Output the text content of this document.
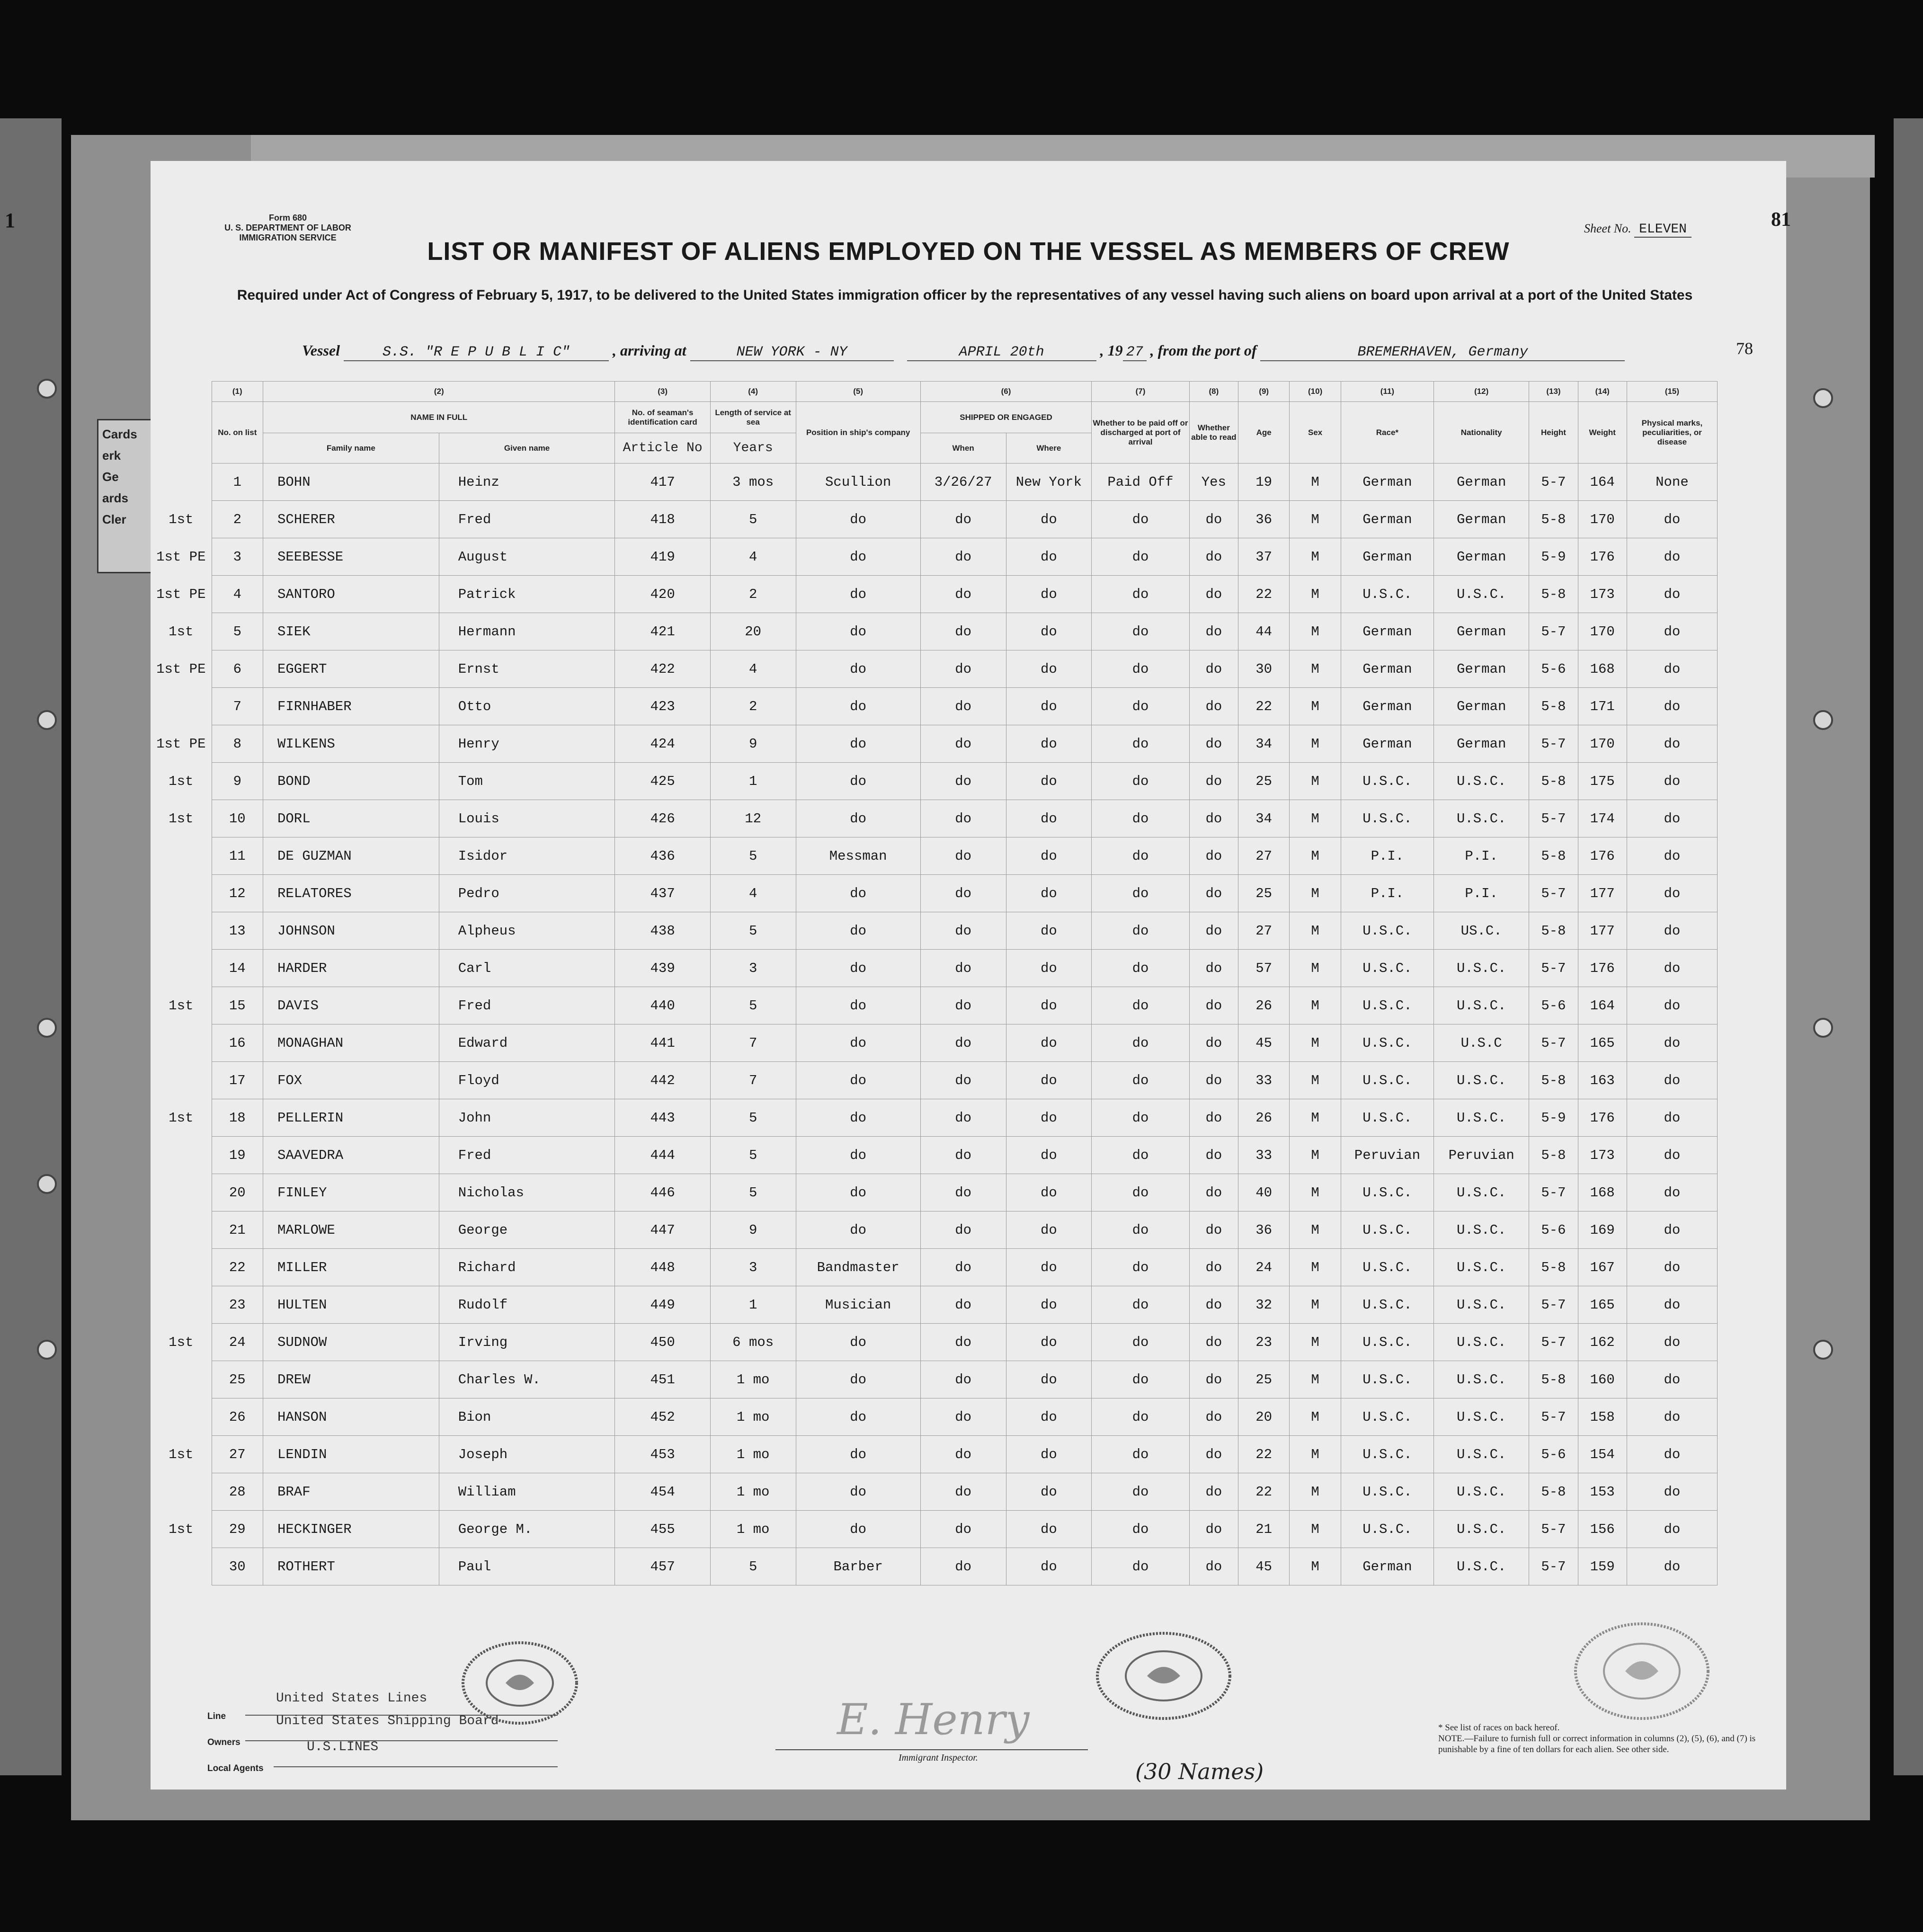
1
Cards
erk
Ge
ards
Cler
Form 680
U. S. DEPARTMENT OF LABOR
IMMIGRATION SERVICE
Sheet No. ELEVEN	81
LIST OR MANIFEST OF ALIENS EMPLOYED ON THE VESSEL AS MEMBERS OF CREW
Required under Act of Congress of February 5, 1917, to be delivered to the United States immigration officer by the representatives of any vessel having such aliens on board upon arrival at a port of the United States
Vessel	S.S. "R E P U B L I C"	, arriving at	NEW YORK - NY	APRIL 20th	, 19 27 , from the port of	BREMERHAVEN, Germany	78
	(1)	(2)		(3)	(4)	(5)	(6)		(7)	(8)	(9)	(10)	(11)	(12)	(13)	(14)	(15)
	No. on list	NAME IN FULL		No. of seaman's identification card	Length of service at sea	Position in ship's company	SHIPPED OR ENGAGED		Whether to be paid off or discharged at port of arrival	Whether able to read	Age	Sex	Race*	Nationality	Height	Weight	Physical marks, peculiarities, or disease
		Family name	Given name	Article No	Years		When	Where									
	1	BOHN	Heinz	417	3 mos	Scullion	3/26/27	New York	Paid Off	Yes	19	M	German	German	5-7	164	None
1st	2	SCHERER	Fred	418	5	do	do	do	do	do	36	M	German	German	5-8	170	do
1st PE	3	SEEBESSE	August	419	4	do	do	do	do	do	37	M	German	German	5-9	176	do
1st PE	4	SANTORO	Patrick	420	2	do	do	do	do	do	22	M	U.S.C.	U.S.C.	5-8	173	do
1st	5	SIEK	Hermann	421	20	do	do	do	do	do	44	M	German	German	5-7	170	do
1st PE	6	EGGERT	Ernst	422	4	do	do	do	do	do	30	M	German	German	5-6	168	do
	7	FIRNHABER	Otto	423	2	do	do	do	do	do	22	M	German	German	5-8	171	do
1st PE	8	WILKENS	Henry	424	9	do	do	do	do	do	34	M	German	German	5-7	170	do
1st	9	BOND	Tom	425	1	do	do	do	do	do	25	M	U.S.C.	U.S.C.	5-8	175	do
1st	10	DORL	Louis	426	12	do	do	do	do	do	34	M	U.S.C.	U.S.C.	5-7	174	do
	11	DE GUZMAN	Isidor	436	5	Messman	do	do	do	do	27	M	P.I.	P.I.	5-8	176	do
	12	RELATORES	Pedro	437	4	do	do	do	do	do	25	M	P.I.	P.I.	5-7	177	do
	13	JOHNSON	Alpheus	438	5	do	do	do	do	do	27	M	U.S.C.	US.C.	5-8	177	do
	14	HARDER	Carl	439	3	do	do	do	do	do	57	M	U.S.C.	U.S.C.	5-7	176	do
1st	15	DAVIS	Fred	440	5	do	do	do	do	do	26	M	U.S.C.	U.S.C.	5-6	164	do
	16	MONAGHAN	Edward	441	7	do	do	do	do	do	45	M	U.S.C.	U.S.C	5-7	165	do
	17	FOX	Floyd	442	7	do	do	do	do	do	33	M	U.S.C.	U.S.C.	5-8	163	do
1st	18	PELLERIN	John	443	5	do	do	do	do	do	26	M	U.S.C.	U.S.C.	5-9	176	do
	19	SAAVEDRA	Fred	444	5	do	do	do	do	do	33	M	Peruvian	Peruvian	5-8	173	do
	20	FINLEY	Nicholas	446	5	do	do	do	do	do	40	M	U.S.C.	U.S.C.	5-7	168	do
	21	MARLOWE	George	447	9	do	do	do	do	do	36	M	U.S.C.	U.S.C.	5-6	169	do
	22	MILLER	Richard	448	3	Bandmaster	do	do	do	do	24	M	U.S.C.	U.S.C.	5-8	167	do
	23	HULTEN	Rudolf	449	1	Musician	do	do	do	do	32	M	U.S.C.	U.S.C.	5-7	165	do
1st	24	SUDNOW	Irving	450	6 mos	do	do	do	do	do	23	M	U.S.C.	U.S.C.	5-7	162	do
	25	DREW	Charles W.	451	1 mo	do	do	do	do	do	25	M	U.S.C.	U.S.C.	5-8	160	do
	26	HANSON	Bion	452	1 mo	do	do	do	do	do	20	M	U.S.C.	U.S.C.	5-7	158	do
1st	27	LENDIN	Joseph	453	1 mo	do	do	do	do	do	22	M	U.S.C.	U.S.C.	5-6	154	do
	28	BRAF	William	454	1 mo	do	do	do	do	do	22	M	U.S.C.	U.S.C.	5-8	153	do
1st	29	HECKINGER	George M.	455	1 mo	do	do	do	do	do	21	M	U.S.C.	U.S.C.	5-7	156	do
	30	ROTHERT	Paul	457	5	Barber	do	do	do	do	45	M	German	U.S.C.	5-7	159	do
Line
United States Lines
Owners
United States Shipping Board
Local Agents
U.S.LINES
E. Henry
Immigrant Inspector.
(30 Names)
* See list of races on back hereof.
NOTE.—Failure to furnish full or correct information in columns (2), (5), (6), and (7) is punishable by a fine of ten dollars for each alien. See other side.
